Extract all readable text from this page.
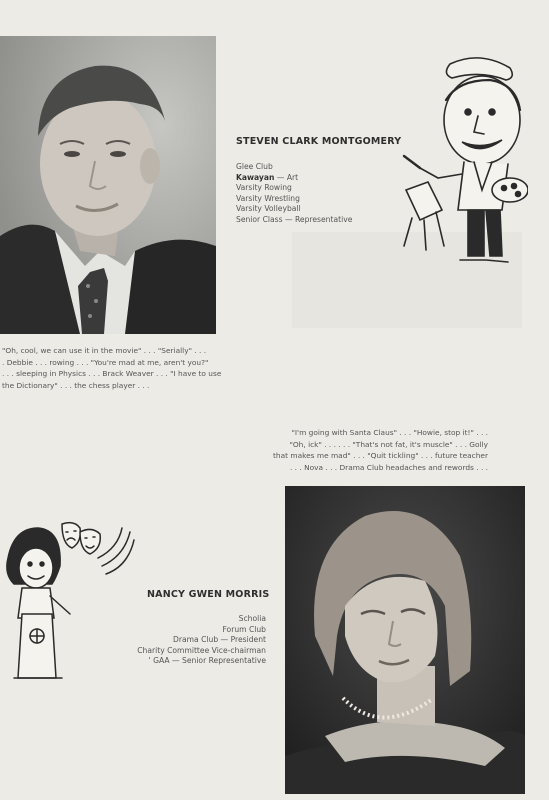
STEVEN CLARK MONTGOMERY
Glee Club
Kawayan — Art
Varsity Rowing
Varsity Wrestling
Varsity Volleyball
Senior Class — Representative
"Oh, cool, we can use it in the movie" . . . "Serially" . . .
. Debbie . . . rowing . . . "You're mad at me, aren't you?"
. . . sleeping in Physics . . . Brack Weaver . . . "I have to use
the Dictionary" . . . the chess player . . .
"I'm going with Santa Claus" . . . "Howie, stop it!" . . .
"Oh, ick" . . . . . . "That's not fat, it's muscle" . . . Golly
that makes me mad" . . . "Quit tickling" . . . future teacher
. . . Nova . . . Drama Club headaches and rewords . . .
NANCY GWEN MORRIS
Scholia
Forum Club
Drama Club — President
Charity Committee Vice-chairman
' GAA — Senior Representative
